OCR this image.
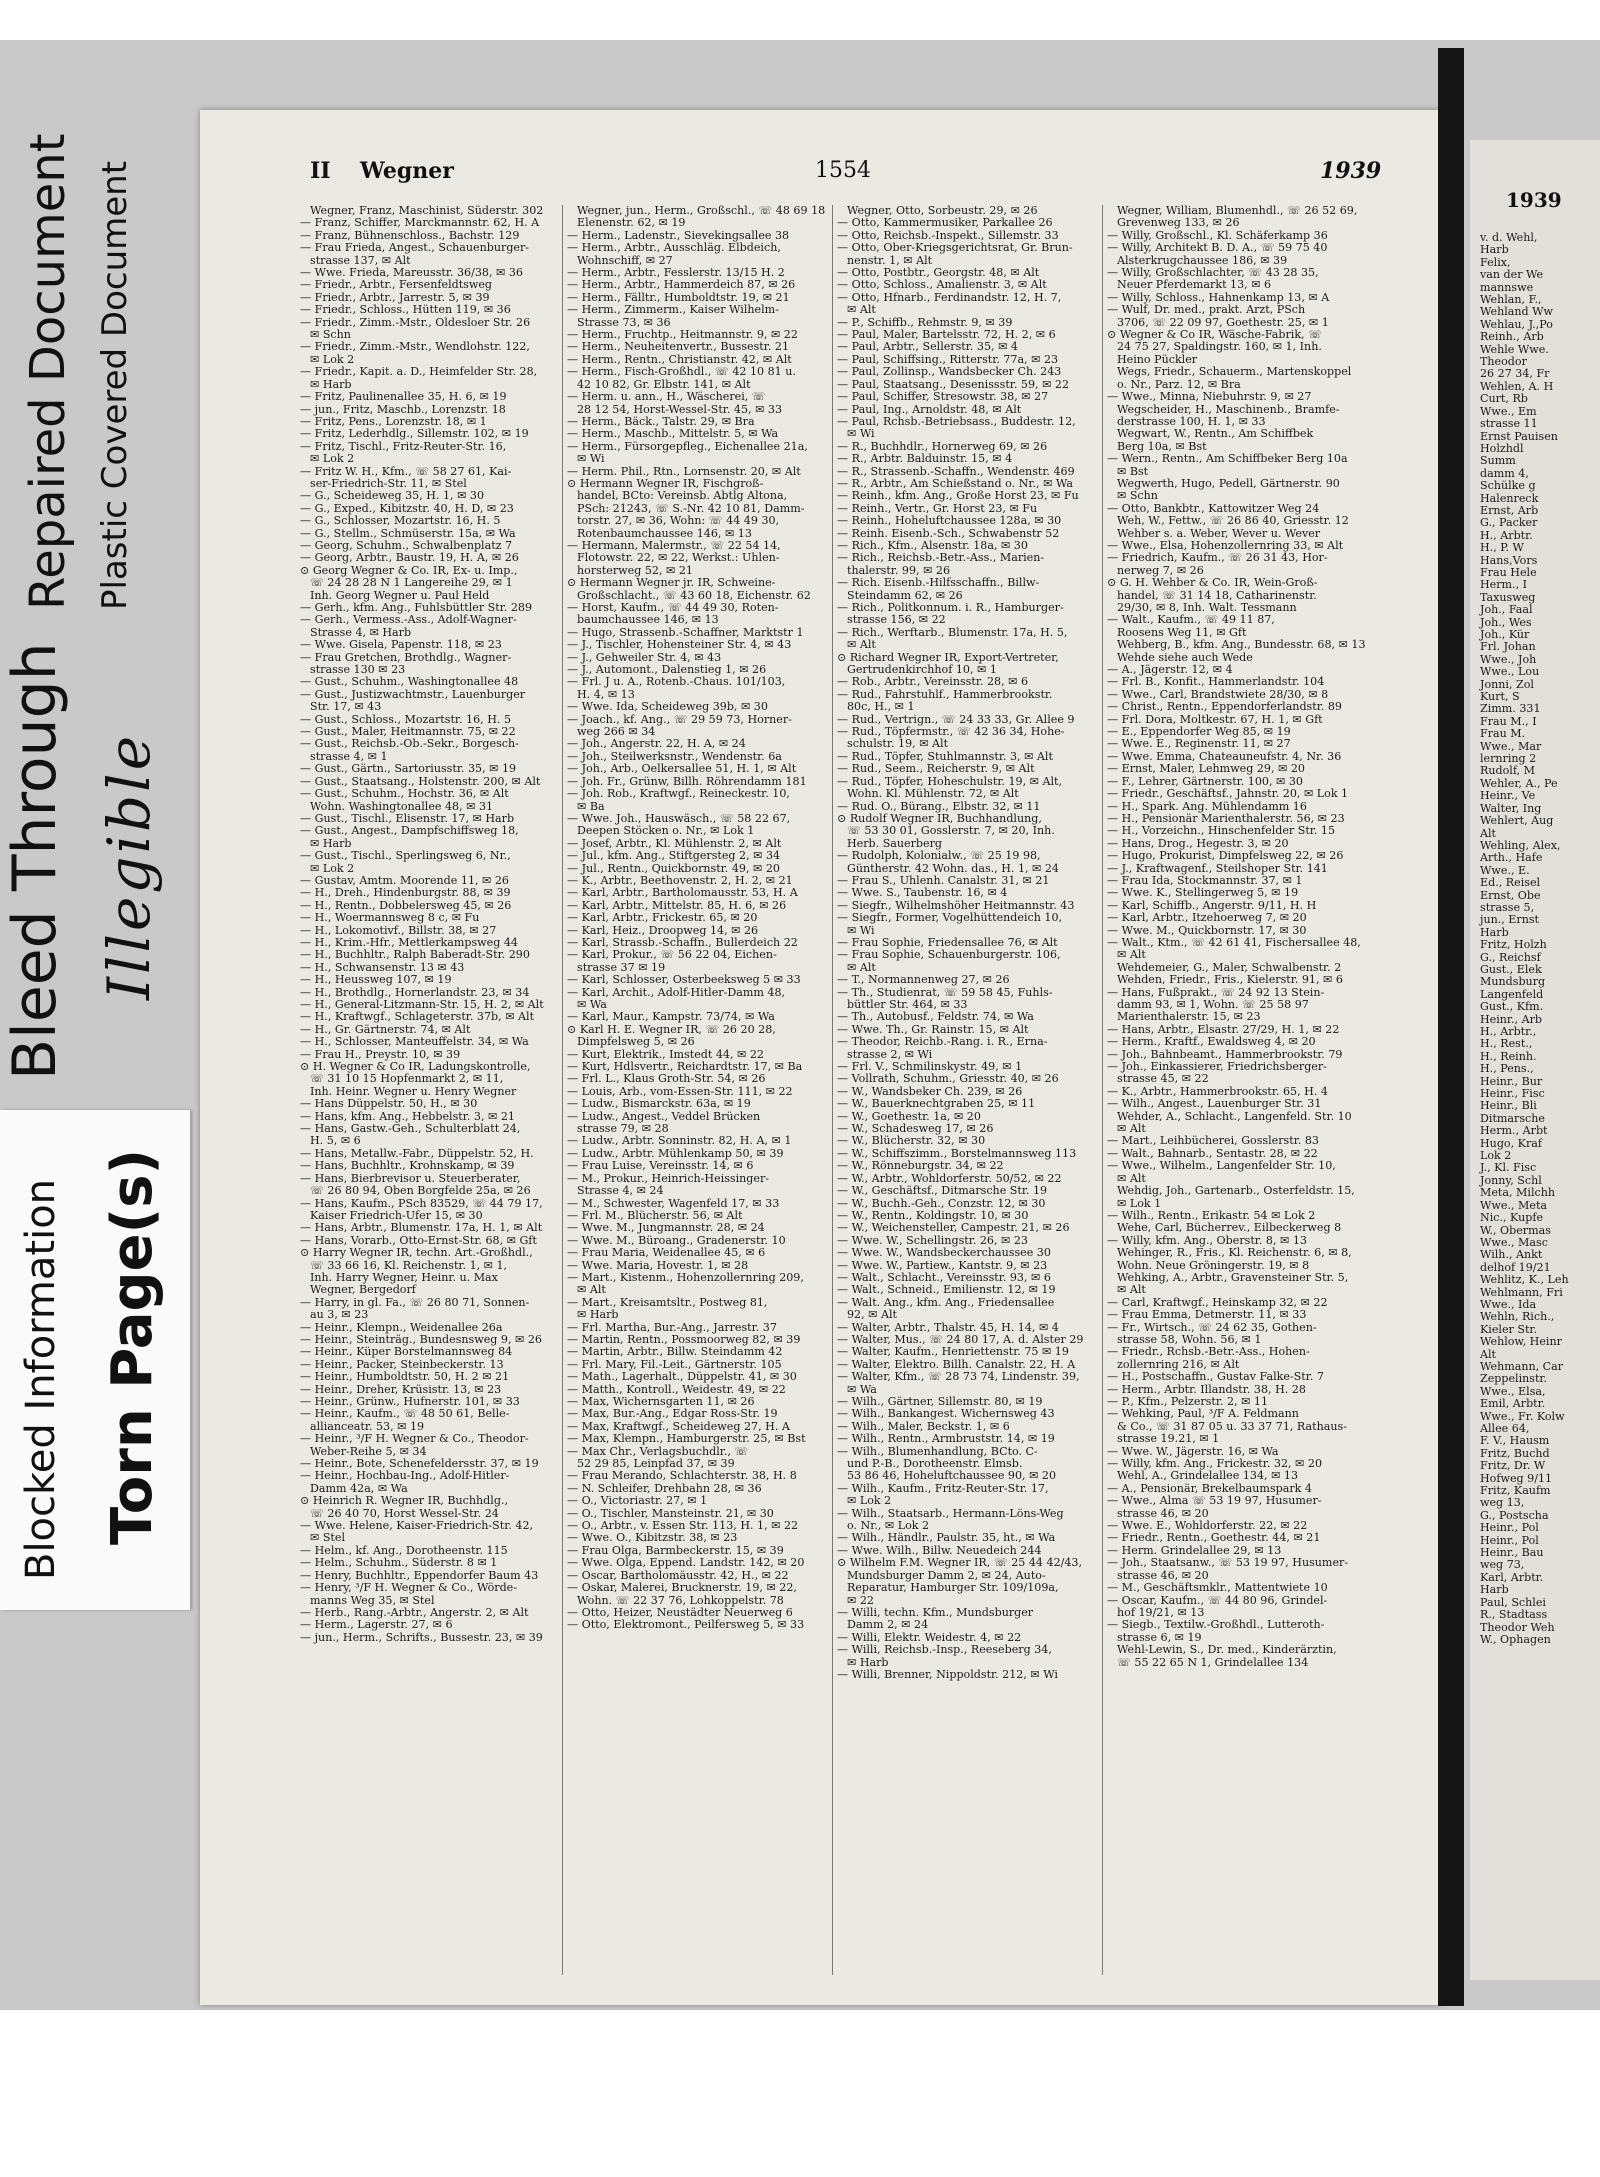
Repaired Document Plastic Covered Document
Bleed Through Illegible
Blocked Information Torn Page(s)
II Wegner	1554	1939
Wegner, Franz, Maschinist, Süderstr. 302
— Franz, Schiffer, Marckmannstr. 62, H. A
— Franz, Bühnenschloss., Bachstr. 129
— Frau Frieda, Angest., Schauenburger-
strasse 137, ✉ Alt
— Wwe. Frieda, Mareusstr. 36/38, ✉ 36
— Friedr., Arbtr., Fersenfeldtsweg
— Friedr., Arbtr., Jarrestr. 5, ✉ 39
— Friedr., Schloss., Hütten 119, ✉ 36
— Friedr., Zimm.-Mstr., Oldesloer Str. 26
✉ Schn
— Friedr., Zimm.-Mstr., Wendlohstr. 122,
✉ Lok 2
— Friedr., Kapit. a. D., Heimfelder Str. 28,
✉ Harb
— Fritz, Paulinenallee 35, H. 6, ✉ 19
— jun., Fritz, Maschb., Lorenzstr. 18
— Fritz, Pens., Lorenzstr. 18, ✉ 1
— Fritz, Lederhdlg., Sillemstr. 102, ✉ 19
— Fritz, Tischl., Fritz-Reuter-Str. 16,
✉ Lok 2
— Fritz W. H., Kfm., ☏ 58 27 61, Kai-
ser-Friedrich-Str. 11, ✉ Stel
— G., Scheideweg 35, H. 1, ✉ 30
— G., Exped., Kibitzstr. 40, H. D, ✉ 23
— G., Schlosser, Mozartstr. 16, H. 5
— G., Stellm., Schmüserstr. 15a, ✉ Wa
— Georg, Schuhm., Schwalbenplatz 7
— Georg, Arbtr., Baustr. 19, H. A, ✉ 26
⊙ Georg Wegner & Co. IR, Ex- u. Imp.,
☏ 24 28 28 N 1 Langereihe 29, ✉ 1
Inh. Georg Wegner u. Paul Held
— Gerh., kfm. Ang., Fuhlsbüttler Str. 289
— Gerh., Vermess.-Ass., Adolf-Wagner-
Strasse 4, ✉ Harb
— Wwe. Gisela, Papenstr. 118, ✉ 23
— Frau Gretchen, Brothdlg., Wagner-
strasse 130 ✉ 23
— Gust., Schuhm., Washingtonallee 48
— Gust., Justizwachtmstr., Lauenburger
Str. 17, ✉ 43
— Gust., Schloss., Mozartstr. 16, H. 5
— Gust., Maler, Heitmannstr. 75, ✉ 22
— Gust., Reichsb.-Ob.-Sekr., Borgesch-
strasse 4, ✉ 1
— Gust., Gärtn., Sartoriusstr. 35, ✉ 19
— Gust., Staatsang., Holstenstr. 200, ✉ Alt
— Gust., Schuhm., Hochstr. 36, ✉ Alt
Wohn. Washingtonallee 48, ✉ 31
— Gust., Tischl., Elisenstr. 17, ✉ Harb
— Gust., Angest., Dampfschiffsweg 18,
✉ Harb
— Gust., Tischl., Sperlingsweg 6, Nr.,
✉ Lok 2
— Gustav, Amtm. Moorende 11, ✉ 26
— H., Dreh., Hindenburgstr. 88, ✉ 39
— H., Rentn., Dobbelersweg 45, ✉ 26
— H., Woermannsweg 8 c, ✉ Fu
— H., Lokomotivf., Billstr. 38, ✉ 27
— H., Krim.-Hfr., Mettlerkampsweg 44
— H., Buchhltr., Ralph Baberadt-Str. 290
— H., Schwansenstr. 13 ✉ 43
— H., Heussweg 107, ✉ 19
— H., Brothdlg., Hornerlandstr. 23, ✉ 34
— H., General-Litzmann-Str. 15, H. 2, ✉ Alt
— H., Kraftwgf., Schlageterstr. 37b, ✉ Alt
— H., Gr. Gärtnerstr. 74, ✉ Alt
— H., Schlosser, Manteuffelstr. 34, ✉ Wa
— Frau H., Preystr. 10, ✉ 39
⊙ H. Wegner & Co IR, Ladungskontrolle,
☏ 31 10 15 Hopfenmarkt 2, ✉ 11,
Inh. Heinr. Wegner u. Henry Wegner
— Hans Düppelstr. 50, H., ✉ 30
— Hans, kfm. Ang., Hebbelstr. 3, ✉ 21
— Hans, Gastw.-Geh., Schulterblatt 24,
H. 5, ✉ 6
— Hans, Metallw.-Fabr., Düppelstr. 52, H.
— Hans, Buchhltr., Krohnskamp, ✉ 39
— Hans, Bierbrevisor u. Steuerberater,
☏ 26 80 94, Oben Borgfelde 25a, ✉ 26
— Hans, Kaufm., PSch 83529, ☏ 44 79 17,
Kaiser Friedrich-Ufer 15, ✉ 30
— Hans, Arbtr., Blumenstr. 17a, H. 1, ✉ Alt
— Hans, Vorarb., Otto-Ernst-Str. 68, ✉ Gft
⊙ Harry Wegner IR, techn. Art.-Großhdl.,
☏ 33 66 16, Kl. Reichenstr. 1, ✉ 1,
Inh. Harry Wegner, Heinr. u. Max
Wegner, Bergedorf
— Harry, in gl. Fa., ☏ 26 80 71, Sonnen-
au 3, ✉ 23
— Heinr., Klempn., Weidenallee 26a
— Heinr., Steinträg., Bundesnsweg 9, ✉ 26
— Heinr., Küper Borstelmannsweg 84
— Heinr., Packer, Steinbeckerstr. 13
— Heinr., Humboldtstr. 50, H. 2 ✉ 21
— Heinr., Dreher, Krüsistr. 13, ✉ 23
— Heinr., Grünw., Hufnerstr. 101, ✉ 33
— Heinr., Kaufm., ☏ 48 50 61, Belle-
allianceatr. 53, ✉ 19
— Heinr., ³/F H. Wegner & Co., Theodor-
Weber-Reihe 5, ✉ 34
— Heinr., Bote, Schenefeldersstr. 37, ✉ 19
— Heinr., Hochbau-Ing., Adolf-Hitler-
Damm 42a, ✉ Wa
⊙ Heinrich R. Wegner IR, Buchhdlg.,
☏ 26 40 70, Horst Wessel-Str. 24
— Wwe. Helene, Kaiser-Friedrich-Str. 42,
✉ Stel
— Helm., kf. Ang., Dorotheenstr. 115
— Helm., Schuhm., Süderstr. 8 ✉ 1
— Henry, Buchhltr., Eppendorfer Baum 43
— Henry, ³/F H. Wegner & Co., Wörde-
manns Weg 35, ✉ Stel
— Herb., Rang.-Arbtr., Angerstr. 2, ✉ Alt
— Herm., Lagerstr. 27, ✉ 6
— jun., Herm., Schrifts., Bussestr. 23, ✉ 39
Wegner, jun., Herm., Großschl., ☏ 48 69 18
Elenenstr. 62, ✉ 19
— Herm., Ladenstr., Sievekingsallee 38
— Herm., Arbtr., Ausschläg. Elbdeich,
Wohnschiff, ✉ 27
— Herm., Arbtr., Fesslerstr. 13/15 H. 2
— Herm., Arbtr., Hammerdeich 87, ✉ 26
— Herm., Fälltr., Humboldtstr. 19, ✉ 21
— Herm., Zimmerm., Kaiser Wilhelm-
Strasse 73, ✉ 36
— Herm., Fruchtp., Heitmannstr. 9, ✉ 22
— Herm., Neuheitenvertr., Bussestr. 21
— Herm., Rentn., Christianstr. 42, ✉ Alt
— Herm., Fisch-Großhdl., ☏ 42 10 81 u.
42 10 82, Gr. Elbstr. 141, ✉ Alt
— Herm. u. ann., H., Wäscherei, ☏
28 12 54, Horst-Wessel-Str. 45, ✉ 33
— Herm., Bäck., Talstr. 29, ✉ Bra
— Herm., Maschb., Mittelstr. 5, ✉ Wa
— Herm., Fürsorgepfleg., Eichenallee 21a,
✉ Wi
— Herm. Phil., Rtn., Lornsenstr. 20, ✉ Alt
⊙ Hermann Wegner IR, Fischgroß-
handel, BCto: Vereinsb. Abtlg Altona,
PSch: 21243, ☏ S.-Nr. 42 10 81, Damm-
torstr. 27, ✉ 36, Wohn: ☏ 44 49 30,
Rotenbaumchaussee 146, ✉ 13
— Hermann, Malermstr., ☏ 22 54 14,
Flotowstr. 22, ✉ 22, Werkst.: Uhlen-
horsterweg 52, ✉ 21
⊙ Hermann Wegner jr. IR, Schweine-
Großschlacht., ☏ 43 60 18, Eichenstr. 62
— Horst, Kaufm., ☏ 44 49 30, Roten-
baumchaussee 146, ✉ 13
— Hugo, Strassenb.-Schaffner, Marktstr 1
— J., Tischler, Hohensteiner Str. 4, ✉ 43
— J., Gehweiler Str. 4, ✉ 43
— J., Automont., Dalenstieg 1, ✉ 26
— Frl. J u. A., Rotenb.-Chaus. 101/103,
H. 4, ✉ 13
— Wwe. Ida, Scheideweg 39b, ✉ 30
— Joach., kf. Ang., ☏ 29 59 73, Horner-
weg 266 ✉ 34
— Joh., Angerstr. 22, H. A, ✉ 24
— Joh., Steilwerksnstr., Wendenstr. 6a
— Joh., Arb., Oelkersallee 51, H. 1, ✉ Alt
— Joh. Fr., Grünw, Billh. Röhrendamm 181
— Joh. Rob., Kraftwgf., Reineckestr. 10,
✉ Ba
— Wwe. Joh., Hauswäsch., ☏ 58 22 67,
Deepen Stöcken o. Nr., ✉ Lok 1
— Josef, Arbtr., Kl. Mühlenstr. 2, ✉ Alt
— Jul., kfm. Ang., Stiftgersteg 2, ✉ 34
— Jul., Rentn., Quickbornstr. 49, ✉ 20
— K., Arbtr., Beethovenstr. 2, H. 2, ✉ 21
— Karl, Arbtr., Bartholomausstr. 53, H. A
— Karl, Arbtr., Mittelstr. 85, H. 6, ✉ 26
— Karl, Arbtr., Frickestr. 65, ✉ 20
— Karl, Heiz., Droopweg 14, ✉ 26
— Karl, Strassb.-Schaffn., Bullerdeich 22
— Karl, Prokur., ☏ 56 22 04, Eichen-
strasse 37 ✉ 19
— Karl, Schlosser, Osterbeeksweg 5 ✉ 33
— Karl, Archit., Adolf-Hitler-Damm 48,
✉ Wa
— Karl, Maur., Kampstr. 73/74, ✉ Wa
⊙ Karl H. E. Wegner IR, ☏ 26 20 28,
Dimpfelsweg 5, ✉ 26
— Kurt, Elektrik., Imstedt 44, ✉ 22
— Kurt, Hdlsvertr., Reichardtstr. 17, ✉ Ba
— Frl. L., Klaus Groth-Str. 54, ✉ 26
— Louis, Arb., vom-Essen-Str. 111, ✉ 22
— Ludw., Bismarckstr. 63a, ✉ 19
— Ludw., Angest., Veddel Brücken
strasse 79, ✉ 28
— Ludw., Arbtr. Sonninstr. 82, H. A, ✉ 1
— Ludw., Arbtr. Mühlenkamp 50, ✉ 39
— Frau Luise, Vereinsstr. 14, ✉ 6
— M., Prokur., Heinrich-Heissinger-
Strasse 4, ✉ 24
— M., Schwester, Wagenfeld 17, ✉ 33
— Frl. M., Blücherstr. 56, ✉ Alt
— Wwe. M., Jungmannstr. 28, ✉ 24
— Wwe. M., Büroang., Gradenerstr. 10
— Frau Maria, Weidenallee 45, ✉ 6
— Wwe. Maria, Hovestr. 1, ✉ 28
— Mart., Kistenm., Hohenzollernring 209,
✉ Alt
— Mart., Kreisamtsltr., Postweg 81,
✉ Harb
— Frl. Martha, Bur.-Ang., Jarrestr. 37
— Martin, Rentn., Possmoorweg 82, ✉ 39
— Martin, Arbtr., Billw. Steindamm 42
— Frl. Mary, Fil.-Leit., Gärtnerstr. 105
— Math., Lagerhalt., Düppelstr. 41, ✉ 30
— Matth., Kontroll., Weidestr. 49, ✉ 22
— Max, Wichernsgarten 11, ✉ 26
— Max, Bur.-Ang., Edgar Ross-Str. 19
— Max, Kraftwgf., Scheideweg 27, H. A
— Max, Klempn., Hamburgerstr. 25, ✉ Bst
— Max Chr., Verlagsbuchdlr., ☏
52 29 85, Leinpfad 37, ✉ 39
— Frau Merando, Schlachterstr. 38, H. 8
— N. Schleifer, Drehbahn 28, ✉ 36
— O., Victoriastr. 27, ✉ 1
— O., Tischler, Mansteinstr. 21, ✉ 30
— O., Arbtr., v. Essen Str. 113, H. 1, ✉ 22
— Wwe. O., Kibitzstr. 38, ✉ 23
— Frau Olga, Barmbeckerstr. 15, ✉ 39
— Wwe. Olga, Eppend. Landstr. 142, ✉ 20
— Oscar, Bartholomäusstr. 42, H., ✉ 22
— Oskar, Malerei, Brucknerstr. 19, ✉ 22,
Wohn. ☏ 22 37 76, Lohkoppelstr. 78
— Otto, Heizer, Neustädter Neuerweg 6
— Otto, Elektromont., Peilfersweg 5, ✉ 33
Wegner, Otto, Sorbeustr. 29, ✉ 26
— Otto, Kammermusiker, Parkallee 26
— Otto, Reichsb.-Inspekt., Sillemstr. 33
— Otto, Ober-Kriegsgerichtsrat, Gr. Brun-
nenstr. 1, ✉ Alt
— Otto, Postbtr., Georgstr. 48, ✉ Alt
— Otto, Schloss., Amalienstr. 3, ✉ Alt
— Otto, Hfnarb., Ferdinandstr. 12, H. 7,
✉ Alt
— P., Schiffb., Rehmstr. 9, ✉ 39
— Paul, Maler, Bartelsstr. 72, H. 2, ✉ 6
— Paul, Arbtr., Sellerstr. 35, ✉ 4
— Paul, Schiffsing., Ritterstr. 77a, ✉ 23
— Paul, Zollinsp., Wandsbecker Ch. 243
— Paul, Staatsang., Desenissstr. 59, ✉ 22
— Paul, Schiffer, Stresowstr. 38, ✉ 27
— Paul, Ing., Arnoldstr. 48, ✉ Alt
— Paul, Rchsb.-Betriebsass., Buddestr. 12,
✉ Wi
— R., Buchhdlr., Hornerweg 69, ✉ 26
— R., Arbtr. Balduinstr. 15, ✉ 4
— R., Strassenb.-Schaffn., Wendenstr. 469
— R., Arbtr., Am Schießstand o. Nr., ✉ Wa
— Reinh., kfm. Ang., Große Horst 23, ✉ Fu
— Reinh., Vertr., Gr. Horst 23, ✉ Fu
— Reinh., Hoheluftchaussee 128a, ✉ 30
— Reinh. Eisenb.-Sch., Schwabenstr 52
— Rich., Kfm., Alsenstr. 18a, ✉ 30
— Rich., Reichsb.-Betr.-Ass., Marien-
thalerstr. 99, ✉ 26
— Rich. Eisenb.-Hilfsschaffn., Billw-
Steindamm 62, ✉ 26
— Rich., Politkonnum. i. R., Hamburger-
strasse 156, ✉ 22
— Rich., Werftarb., Blumenstr. 17a, H. 5,
✉ Alt
⊙ Richard Wegner IR, Export-Vertreter,
Gertrudenkirchhof 10, ✉ 1
— Rob., Arbtr., Vereinsstr. 28, ✉ 6
— Rud., Fahrstuhlf., Hammerbrookstr.
80c, H., ✉ 1
— Rud., Vertrign., ☏ 24 33 33, Gr. Allee 9
— Rud., Töpfermstr., ☏ 42 36 34, Hohe-
schulstr. 19, ✉ Alt
— Rud., Töpfer, Stuhlmannstr. 3, ✉ Alt
— Rud., Seem., Reicherstr. 9, ✉ Alt
— Rud., Töpfer, Hoheschulstr. 19, ✉ Alt,
Wohn. Kl. Mühlenstr. 72, ✉ Alt
— Rud. O., Bürang., Elbstr. 32, ✉ 11
⊙ Rudolf Wegner IR, Buchhandlung,
☏ 53 30 01, Gosslerstr. 7, ✉ 20, Inh.
Herb. Sauerberg
— Rudolph, Kolonialw., ☏ 25 19 98,
Güntherstr. 42 Wohn. das., H. 1, ✉ 24
— Frau S., Uhlenh. Canalstr. 31, ✉ 21
— Wwe. S., Taubenstr. 16, ✉ 4
— Siegfr., Wilhelmshöher Heitmannstr. 43
— Siegfr., Former, Vogelhüttendeich 10,
✉ Wi
— Frau Sophie, Friedensallee 76, ✉ Alt
— Frau Sophie, Schauenburgerstr. 106,
✉ Alt
— T., Normannenweg 27, ✉ 26
— Th., Studienrat, ☏ 59 58 45, Fuhls-
büttler Str. 464, ✉ 33
— Th., Autobusf., Feldstr. 74, ✉ Wa
— Wwe. Th., Gr. Rainstr. 15, ✉ Alt
— Theodor, Reichb.-Rang. i. R., Erna-
strasse 2, ✉ Wi
— Frl. V., Schmilinskystr. 49, ✉ 1
— Vollrath, Schuhm., Griesstr. 40, ✉ 26
— W., Wandsbeker Ch. 239, ✉ 26
— W., Bauerknechtgraben 25, ✉ 11
— W., Goethestr. 1a, ✉ 20
— W., Schadesweg 17, ✉ 26
— W., Blücherstr. 32, ✉ 30
— W., Schiffszimm., Borstelmannsweg 113
— W., Rönneburgstr. 34, ✉ 22
— W., Arbtr., Wohldorferstr. 50/52, ✉ 22
— W., Geschäftsf., Ditmarsche Str. 19
— W., Buchh.-Geh., Conzstr. 12, ✉ 30
— W., Rentn., Koldingstr. 10, ✉ 30
— W., Weichensteller, Campestr. 21, ✉ 26
— Wwe. W., Schellingstr. 26, ✉ 23
— Wwe. W., Wandsbeckerchaussee 30
— Wwe. W., Partiew., Kantstr. 9, ✉ 23
— Walt., Schlacht., Vereinsstr. 93, ✉ 6
— Walt., Schneid., Emilienstr. 12, ✉ 19
— Walt. Ang., kfm. Ang., Friedensallee
92, ✉ Alt
— Walter, Arbtr., Thalstr. 45, H. 14, ✉ 4
— Walter, Mus., ☏ 24 80 17, A. d. Alster 29
— Walter, Kaufm., Henriettenstr. 75 ✉ 19
— Walter, Elektro. Billh. Canalstr. 22, H. A
— Walter, Kfm., ☏ 28 73 74, Lindenstr. 39,
✉ Wa
— Wilh., Gärtner, Sillemstr. 80, ✉ 19
— Wilh., Bankangest. Wichernsweg 43
— Wilh., Maler, Beckstr. 1, ✉ 6
— Wilh., Rentn., Armbruststr. 14, ✉ 19
— Wilh., Blumenhandlung, BCto. C-
und P.-B., Dorotheenstr. Elmsb.
53 86 46, Hoheluftchaussee 90, ✉ 20
— Wilh., Kaufm., Fritz-Reuter-Str. 17,
✉ Lok 2
— Wilh., Staatsarb., Hermann-Löns-Weg
o. Nr., ✉ Lok 2
— Wilh., Händlr., Paulstr. 35, ht., ✉ Wa
— Wwe. Wilh., Billw. Neuedeich 244
⊙ Wilhelm F.M. Wegner IR, ☏ 25 44 42/43,
Mundsburger Damm 2, ✉ 24, Auto-
Reparatur, Hamburger Str. 109/109a,
✉ 22
— Willi, techn. Kfm., Mundsburger
Damm 2, ✉ 24
— Willi, Elektr. Weidestr. 4, ✉ 22
— Willi, Reichsb.-Insp., Reeseberg 34,
✉ Harb
— Willi, Brenner, Nippoldstr. 212, ✉ Wi
Wegner, William, Blumenhdl., ☏ 26 52 69,
Grevenweg 133, ✉ 26
— Willy, Großschl., Kl. Schäferkamp 36
— Willy, Architekt B. D. A., ☏ 59 75 40
Alsterkrugchaussee 186, ✉ 39
— Willy, Großschlachter, ☏ 43 28 35,
Neuer Pferdemarkt 13, ✉ 6
— Willy, Schloss., Hahnenkamp 13, ✉ A
— Wulf, Dr. med., prakt. Arzt, PSch
3706, ☏ 22 09 97, Goethestr. 25, ✉ 1
⊙ Wegner & Co IR, Wäsche-Fabrik, ☏
24 75 27, Spaldingstr. 160, ✉ 1, Inh.
Heino Pückler
Wegs, Friedr., Schauerm., Martenskoppel
o. Nr., Parz. 12, ✉ Bra
— Wwe., Minna, Niebuhrstr. 9, ✉ 27
Wegscheider, H., Maschinenb., Bramfe-
derstrasse 100, H. 1, ✉ 33
Wegwart, W., Rentn., Am Schiffbek
Berg 10a, ✉ Bst
— Wern., Rentn., Am Schiffbeker Berg 10a
✉ Bst
Wegwerth, Hugo, Pedell, Gärtnerstr. 90
✉ Schn
— Otto, Bankbtr., Kattowitzer Weg 24
Weh, W., Fettw., ☏ 26 86 40, Griesstr. 12
Wehber s. a. Weber, Wever u. Wever
— Wwe., Elsa, Hohenzollernring 33, ✉ Alt
— Friedrich, Kaufm., ☏ 26 31 43, Hor-
nerweg 7, ✉ 26
⊙ G. H. Wehber & Co. IR, Wein-Groß-
handel, ☏ 31 14 18, Catharinenstr.
29/30, ✉ 8, Inh. Walt. Tessmann
— Walt., Kaufm., ☏ 49 11 87,
Roosens Weg 11, ✉ Gft
Wehberg, B., kfm. Ang., Bundesstr. 68, ✉ 13
Wehde siehe auch Wede
— A., Jägerstr. 12, ✉ 4
— Frl. B., Konfit., Hammerlandstr. 104
— Wwe., Carl, Brandstwiete 28/30, ✉ 8
— Christ., Rentn., Eppendorferlandstr. 89
— Frl. Dora, Moltkestr. 67, H. 1, ✉ Gft
— E., Eppendorfer Weg 85, ✉ 19
— Wwe. E., Reginenstr. 11, ✉ 27
— Wwe. Emma, Chateauneufstr. 4, Nr. 36
— Ernst, Maler, Lehmweg 29, ✉ 20
— F., Lehrer, Gärtnerstr. 100, ✉ 30
— Friedr., Geschäftsf., Jahnstr. 20, ✉ Lok 1
— H., Spark. Ang. Mühlendamm 16
— H., Pensionär Marienthalerstr. 56, ✉ 23
— H., Vorzeichn., Hinschenfelder Str. 15
— Hans, Drog., Hegestr. 3, ✉ 20
— Hugo, Prokurist, Dimpfelsweg 22, ✉ 26
— J., Kraftwagenf., Steilshoper Str. 141
— Frau Ida, Stockmannstr. 37, ✉ 1
— Wwe. K., Stellingerweg 5, ✉ 19
— Karl, Schiffb., Angerstr. 9/11, H. H
— Karl, Arbtr., Itzehoerweg 7, ✉ 20
— Wwe. M., Quickbornstr. 17, ✉ 30
— Walt., Ktm., ☏ 42 61 41, Fischersallee 48,
✉ Alt
Wehdemeier, G., Maler, Schwalbenstr. 2
Wehden, Friedr., Fris., Kielerstr. 91, ✉ 6
— Hans, Fußprakt., ☏ 24 92 13 Stein-
damm 93, ✉ 1, Wohn. ☏ 25 58 97
Marienthalerstr. 15, ✉ 23
— Hans, Arbtr., Elsastr. 27/29, H. 1, ✉ 22
— Herm., Kraftf., Ewaldsweg 4, ✉ 20
— Joh., Bahnbeamt., Hammerbrookstr. 79
— Joh., Einkassierer, Friedrichsberger-
strasse 45, ✉ 22
— K., Arbtr., Hammerbrookstr. 65, H. 4
— Wilh., Angest., Lauenburger Str. 31
Wehder, A., Schlacht., Langenfeld. Str. 10
✉ Alt
— Mart., Leihbücherei, Gosslerstr. 83
— Walt., Bahnarb., Sentastr. 28, ✉ 22
— Wwe., Wilhelm., Langenfelder Str. 10,
✉ Alt
Wehdig, Joh., Gartenarb., Osterfeldstr. 15,
✉ Lok 1
— Wilh., Rentn., Erikastr. 54 ✉ Lok 2
Wehe, Carl, Bücherrev., Eilbeckerweg 8
— Willy, kfm. Ang., Oberstr. 8, ✉ 13
Wehinger, R., Fris., Kl. Reichenstr. 6, ✉ 8,
Wohn. Neue Gröningerstr. 19, ✉ 8
Wehking, A., Arbtr., Gravensteiner Str. 5,
✉ Alt
— Carl, Kraftwgf., Heinskamp 32, ✉ 22
— Frau Emma, Detmerstr. 11, ✉ 33
— Fr., Wirtsch., ☏ 24 62 35, Gothen-
strasse 58, Wohn. 56, ✉ 1
— Friedr., Rchsb.-Betr.-Ass., Hohen-
zollernring 216, ✉ Alt
— H., Postschaffn., Gustav Falke-Str. 7
— Herm., Arbtr. Illandstr. 38, H. 28
— P., Kfm., Pelzerstr. 2, ✉ 11
— Wehking, Paul, ³/F A. Feldmann
& Co., ☏ 31 87 05 u. 33 37 71, Rathaus-
strasse 19.21, ✉ 1
— Wwe. W., Jägerstr. 16, ✉ Wa
— Willy, kfm. Ang., Frickestr. 32, ✉ 20
Wehl, A., Grindelallee 134, ✉ 13
— A., Pensionär, Brekelbaumspark 4
— Wwe., Alma ☏ 53 19 97, Husumer-
strasse 46, ✉ 20
— Wwe. E., Wohldorferstr. 22, ✉ 22
— Friedr., Rentn., Goethestr. 44, ✉ 21
— Herm. Grindelallee 29, ✉ 13
— Joh., Staatsanw., ☏ 53 19 97, Husumer-
strasse 46, ✉ 20
— M., Geschäftsmklr., Mattentwiete 10
— Oscar, Kaufm., ☏ 44 80 96, Grindel-
hof 19/21, ✉ 13
— Siegb., Textilw.-Großhdl., Lutteroth-
strasse 6, ✉ 19
Wehl-Lewin, S., Dr. med., Kinderärztin,
☏ 55 22 65 N 1, Grindelallee 134
1939
v. d. Wehl,
Harb
Felix,
van der We
mannswe
Wehlan, F.,
Wehland Ww
Wehlau, J.,Po
Reinh., Arb
Wehle Wwe.
Theodor
26 27 34, Fr
Wehlen, A. H
Curt, Rb
Wwe., Em
strasse 11
Ernst Pauisen
Holzhdl
Summ
damm 4,
Schülke g
Halenreck
Ernst, Arb
G., Packer
H., Arbtr.
H., P. W
Hans,Vors
Frau Hele
Herm., I
Taxusweg
Joh., Faal
Joh., Wes
Joh., Kür
Frl. Johan
Wwe., Joh
Wwe., Lou
Jonni, Zol
Kurt, S
Zimm. 331
Frau M., I
Frau M.
Wwe., Mar
lernring 2
Rudolf, M
Wehler, A., Pe
Heinr., Ve
Walter, Ing
Wehlert, Aug
Alt
Wehling, Alex,
Arth., Hafe
Wwe., E.
Ed., Reisel
Ernst, Obe
strasse 5,
jun., Ernst
Harb
Fritz, Holzh
G., Reichsf
Gust., Elek
Mundsburg
Langenfeld
Gust., Kfm.
Heinr., Arb
H., Arbtr.,
H., Rest.,
H., Reinh.
H., Pens.,
Heinr., Bur
Heinr., Fisc
Heinr., Bli
Ditmarsche
Herm., Arbt
Hugo, Kraf
Lok 2
J., Kl. Fisc
Jonny, Schl
Meta, Milchh
Wwe., Meta
Nic., Kupfe
W., Obermas
Wwe., Masc
Wilh., Ankt
delhof 19/21
Wehlitz, K., Leh
Wehlmann, Fri
Wwe., Ida
Wehln, Rich.,
Kieler Str.
Wehlow, Heinr
Alt
Wehmann, Car
Zeppelinstr.
Wwe., Elsa,
Emil, Arbtr.
Wwe., Fr. Kolw
Allee 64,
F. V., Hausm
Fritz, Buchd
Fritz, Dr. W
Hofweg 9/11
Fritz, Kaufm
weg 13,
G., Postscha
Heinr., Pol
Heinr., Pol
Heinr., Bau
weg 73,
Karl, Arbtr.
Harb
Paul, Schlei
R., Stadtass
Theodor Weh
W., Ophagen
